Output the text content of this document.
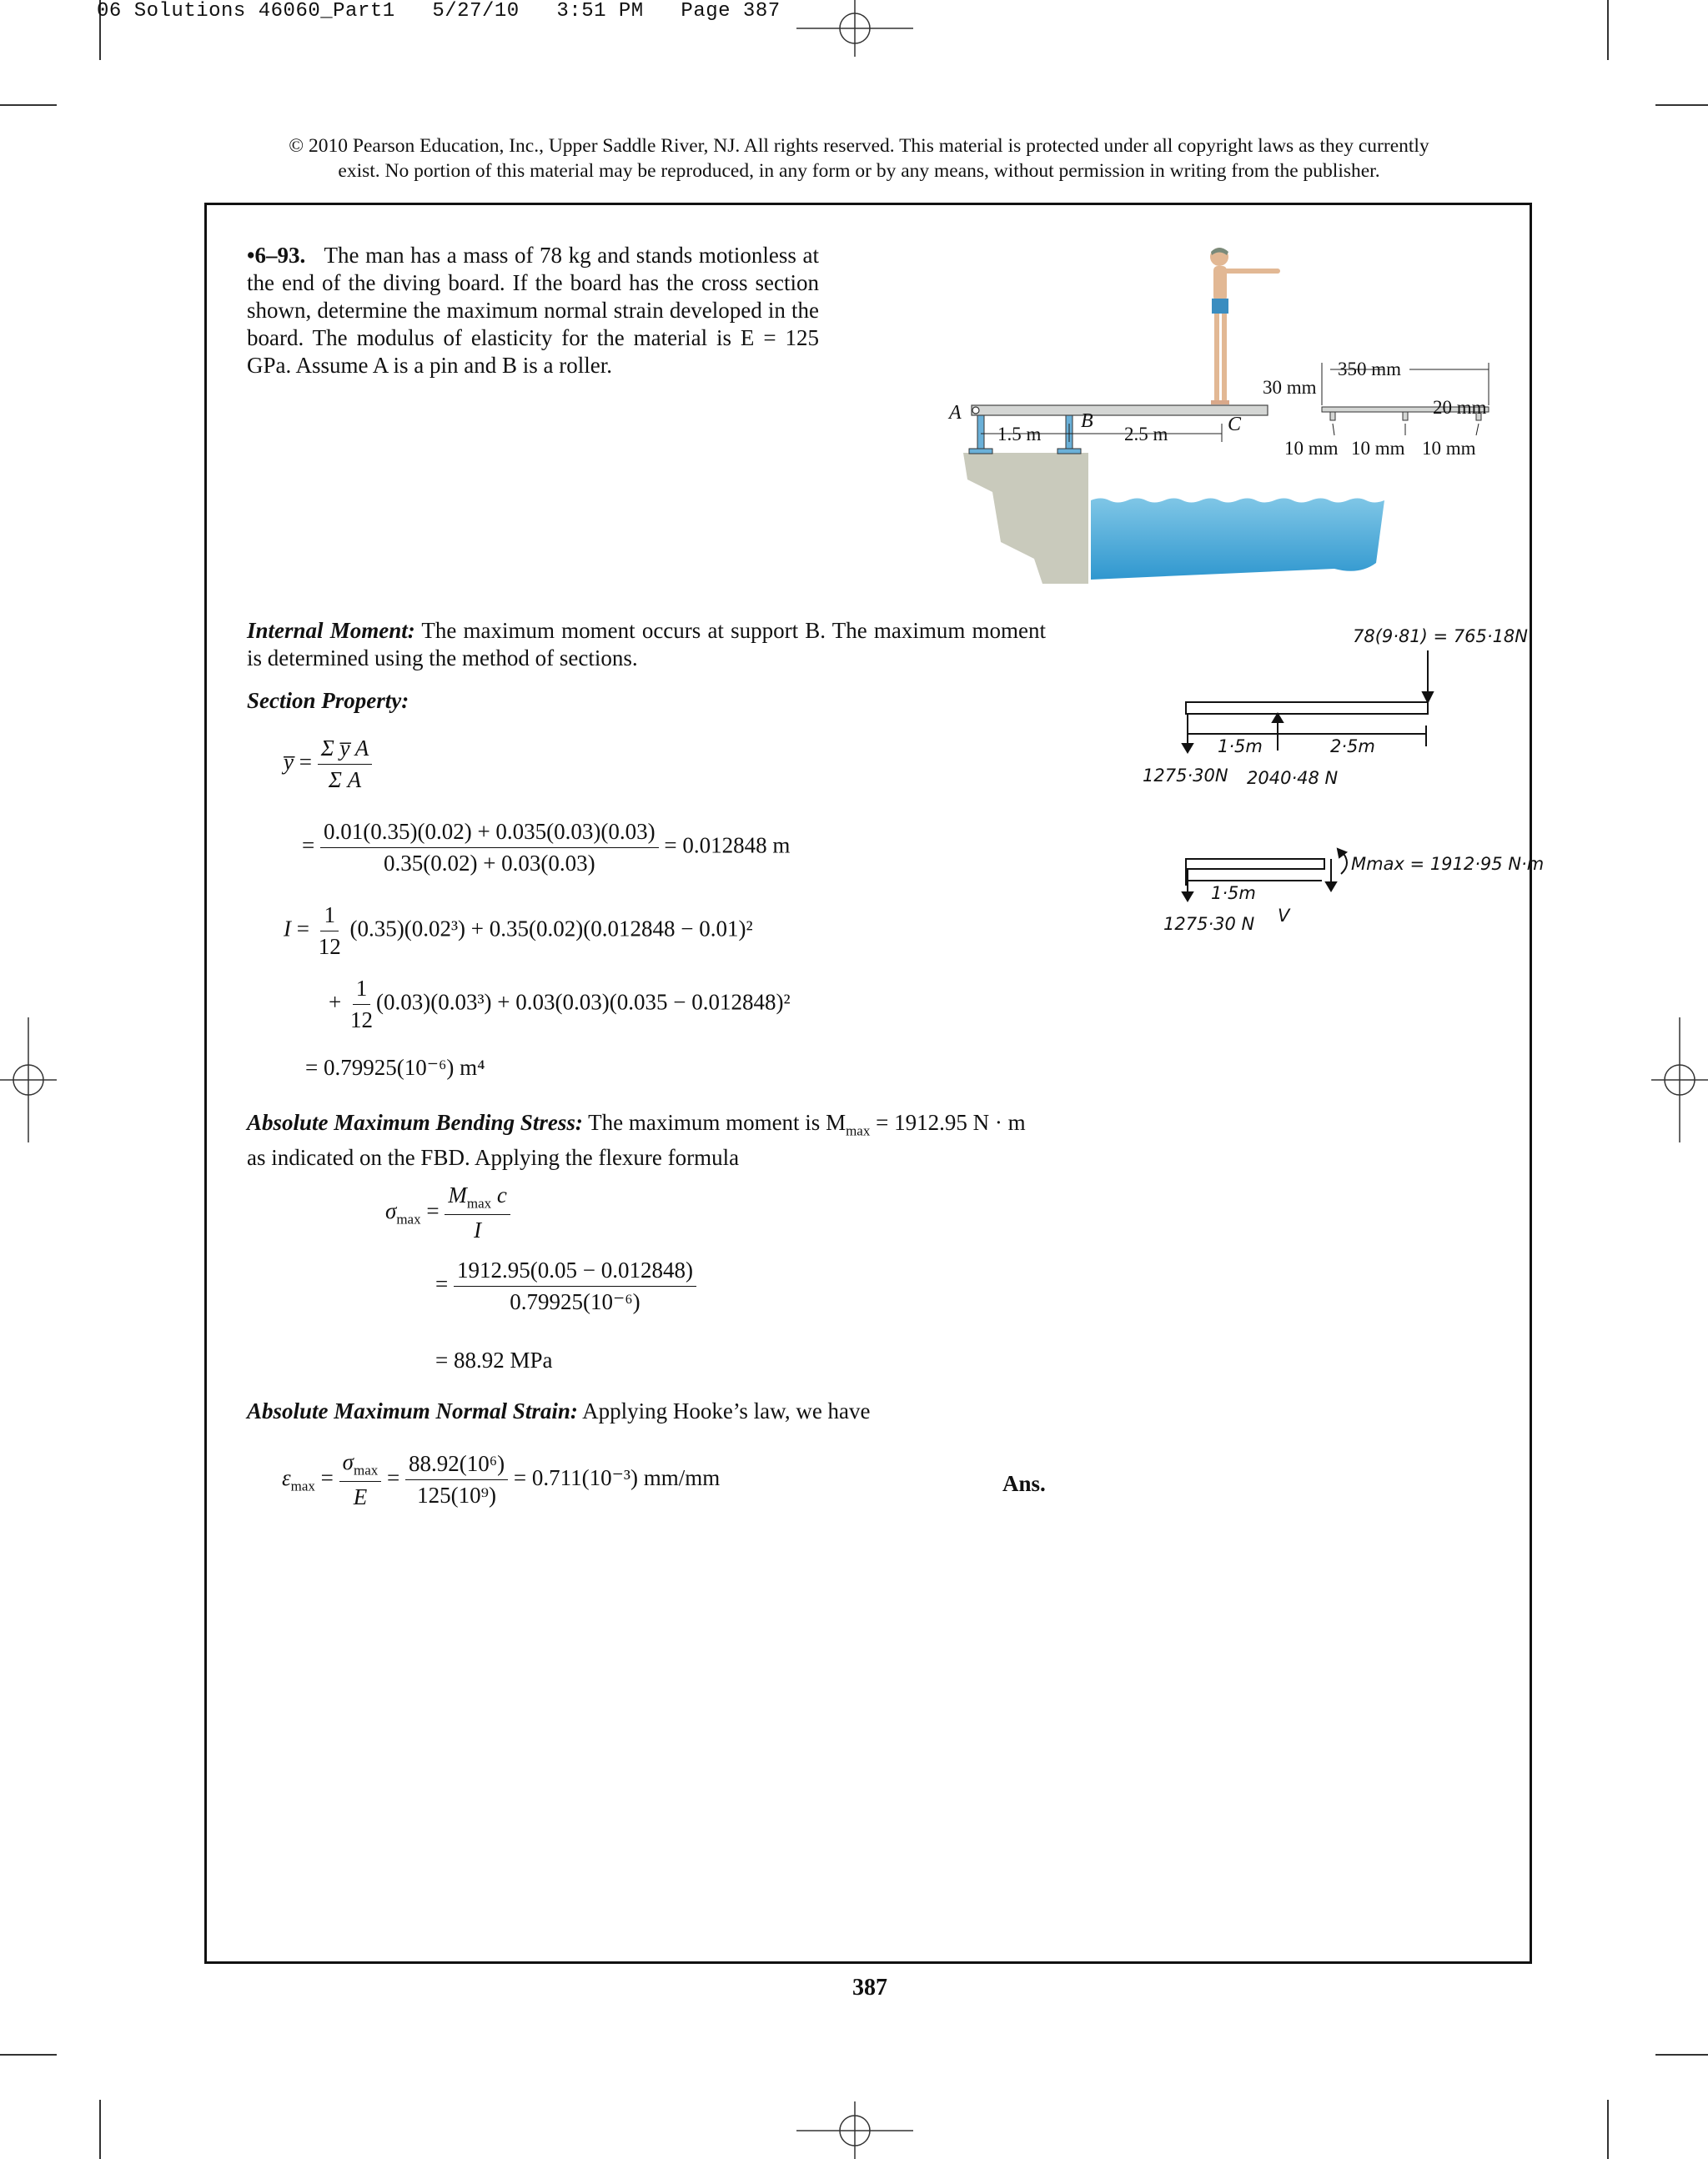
06 Solutions 46060_Part1   5/27/10   3:51 PM   Page 387
© 2010 Pearson Education, Inc., Upper Saddle River, NJ. All rights reserved. This material is protected under all copyright laws as they currently
exist. No portion of this material may be reproduced, in any form or by any means, without permission in writing from the publisher.
•6–93. The man has a mass of 78 kg and stands motionless at the end of the diving board. If the board has the cross section shown, determine the maximum normal strain developed in the board. The modulus of elasticity for the material is E = 125 GPa. Assume A is a pin and B is a roller.
A	B	C
1.5 m	2.5 m
350 mm
30 mm
20 mm
10 mm 10 mm 10 mm
78(9·81) = 765·18N
1·5m	2·5m
1275·30N 2040·48 N
1·5m
1275·30 N
Mmax = 1912·95 N·m
V
Internal Moment: The maximum moment occurs at support B. The maximum moment is determined using the method of sections.
Section Property:
y̅ = $\frac{\text{Σ y̅ A}}{\text{Σ A}}$
= $\frac{0.01(0.35)(0.02) + 0.035(0.03)(0.03)}{0.35(0.02) + 0.03(0.03)} = 0.012848$ m
$I = \frac{1}{12} (0.35)(0.02^3) + 0.35(0.02)(0.012848 - 0.01)^2$
+ $\frac{1}{12} (0.03)(0.03^3) + 0.03(0.03)(0.035 - 0.012848)^2$
= 0.79925(10⁻⁶) m⁴
Absolute Maximum Bending Stress: The maximum moment is $M_{max} = 1912.95$ N · m
as indicated on the FBD. Applying the flexure formula
$\sigma_{max} = \frac{M_{max} c}{I}$
= $\frac{1912.95(0.05 - 0.012848)}{\text{0.79925(10⁻⁶)}}$
= 88.92 MPa
Absolute Maximum Normal Strain: Applying Hooke’s law, we have
$\varepsilon_{max} = \frac{\sigma_{max}}{E} = \frac{\text{88.92(10⁶)}}{\text{125(10⁹)}} = 0.711(10^{-3})$ mm/mm	Ans.
387
